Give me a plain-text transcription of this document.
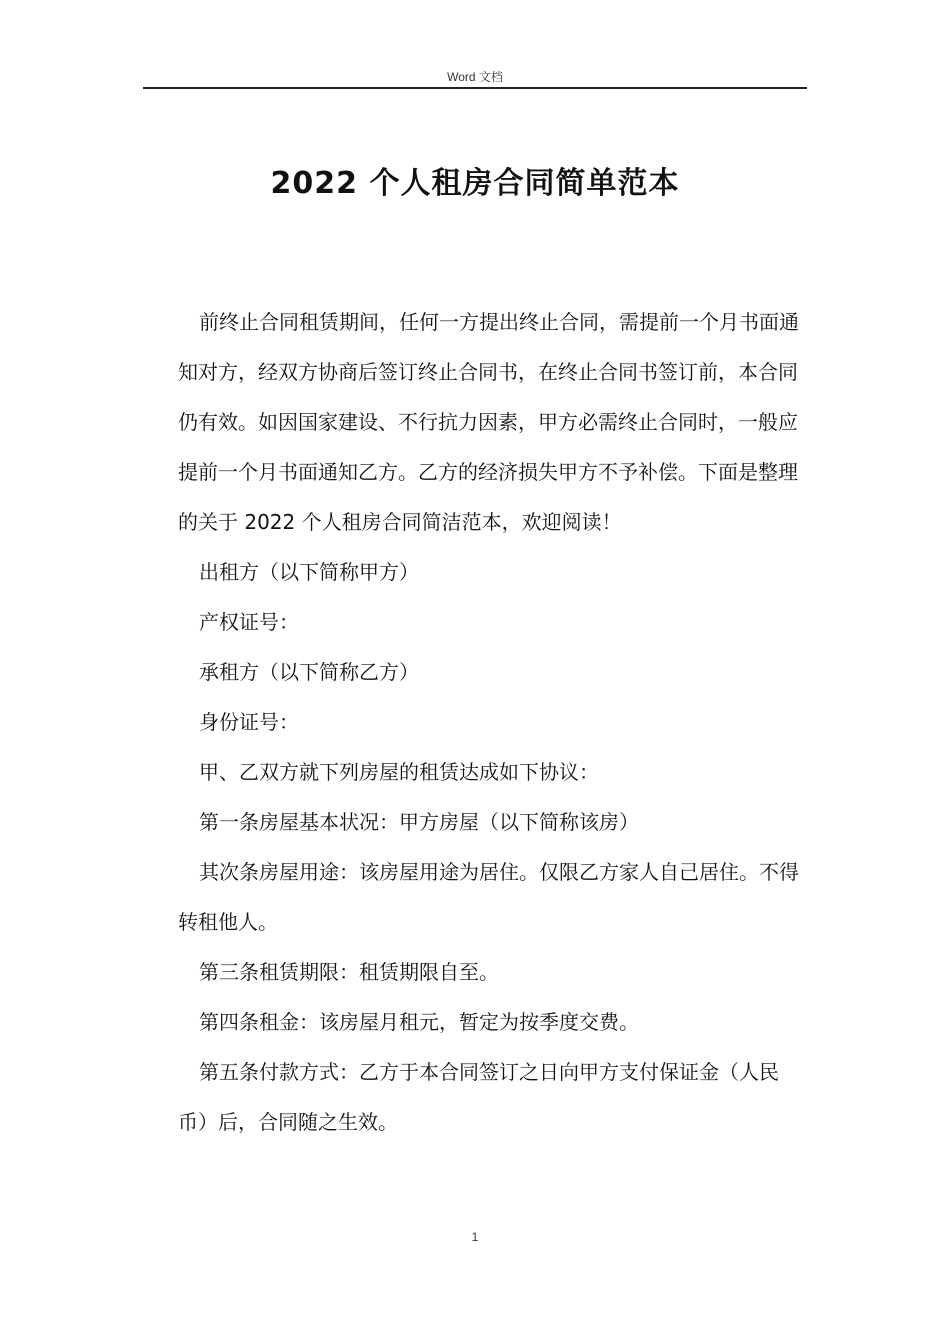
Word 文档
2022 个人租房合同简单范本

前终止合同租赁期间，任何一方提出终止合同，需提前一个月书面通知对方，经双方协商后签订终止合同书，在终止合同书签订前，本合同仍有效。如因国家建设、不行抗力因素，甲方必需终止合同时，一般应提前一个月书面通知乙方。乙方的经济损失甲方不予补偿。下面是整理的关于 2022 个人租房合同简洁范本，欢迎阅读！

出租方（以下简称甲方）

产权证号：

承租方（以下简称乙方）

身份证号：

甲、乙双方就下列房屋的租赁达成如下协议：

第一条房屋基本状况：甲方房屋（以下简称该房）

其次条房屋用途：该房屋用途为居住。仅限乙方家人自己居住。不得转租他人。

第三条租赁期限：租赁期限自至。

第四条租金：该房屋月租元，暂定为按季度交费。

第五条付款方式：乙方于本合同签订之日向甲方支付保证金（人民币）后，合同随之生效。

1
